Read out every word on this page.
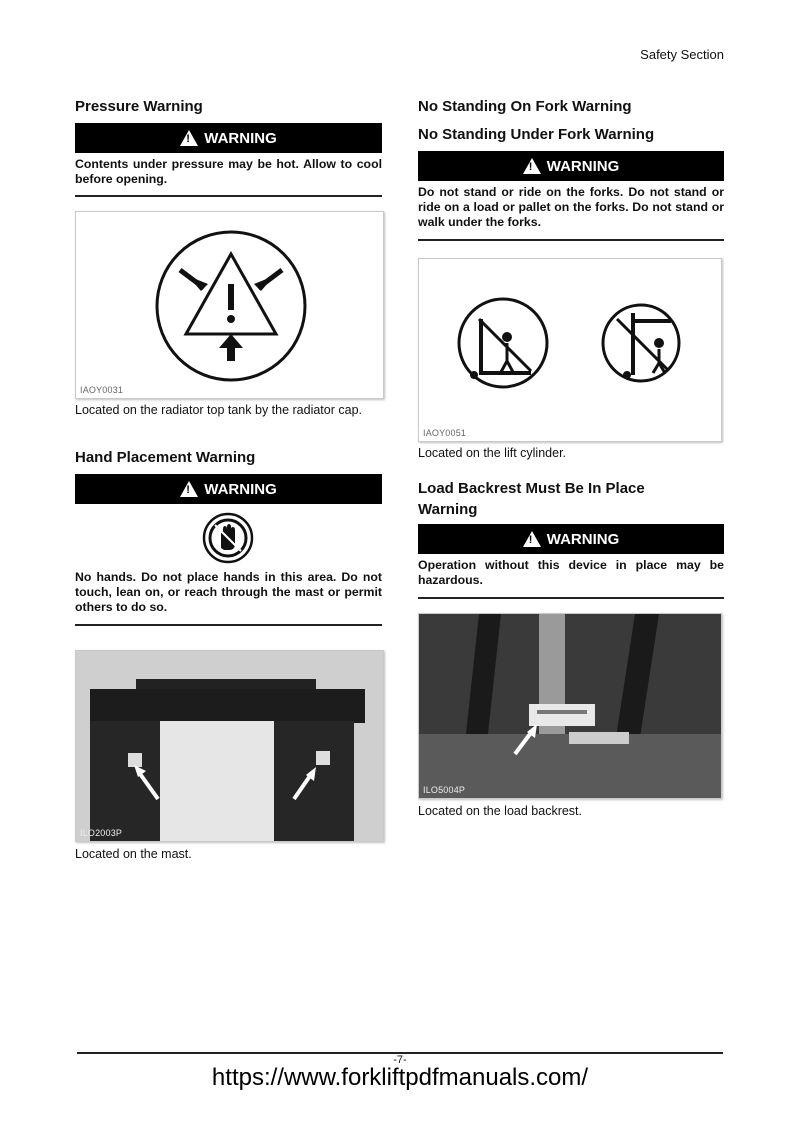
Safety Section
Pressure Warning
!
WARNING
Contents under pressure may be hot. Allow to cool before opening.
IAOY0031
Located on the radiator top tank by the radiator cap.
Hand Placement Warning
!
WARNING
No hands. Do not place hands in this area. Do not touch, lean on, or reach through the mast or permit others to do so.
ILO2003P
Located on the mast.
No Standing On Fork Warning
No Standing Under Fork Warning
!
WARNING
Do not stand or ride on the forks. Do not stand or ride on a load or pallet on the forks. Do not stand or walk under the forks.
IAOY0051
Located on the lift cylinder.
Load Backrest Must Be In Place Warning
!
WARNING
Operation without this device in place may be hazardous.
ILO5004P
Located on the load backrest.
-7-
https://www.forkliftpdfmanuals.com/
